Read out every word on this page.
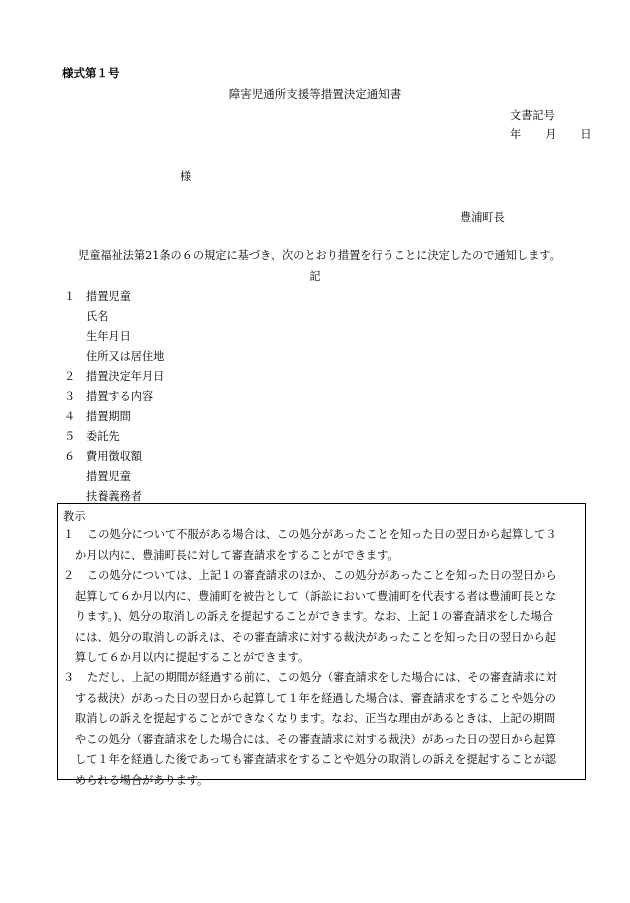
様式第１号
障害児通所支援等措置決定通知書
文書記号
年 月 日
様
豊浦町長
児童福祉法第21条の６の規定に基づき、次のとおり措置を行うことに決定したので通知します。
記
１ 措置児童
氏名
生年月日
住所又は居住地
２ 措置決定年月日
３ 措置する内容
４ 措置期間
５ 委託先
６ 費用徴収額
措置児童
扶養義務者
教示
１ この処分について不服がある場合は、この処分があったことを知った日の翌日から起算して３
か月以内に、豊浦町長に対して審査請求をすることができます。
２ この処分については、上記１の審査請求のほか、この処分があったことを知った日の翌日から
起算して６か月以内に、豊浦町を被告として（訴訟において豊浦町を代表する者は豊浦町長とな
ります。)、処分の取消しの訴えを提起することができます。なお、上記１の審査請求をした場合
には、処分の取消しの訴えは、その審査請求に対する裁決があったことを知った日の翌日から起
算して６か月以内に提起することができます。
３ ただし、上記の期間が経過する前に、この処分（審査請求をした場合には、その審査請求に対
する裁決）があった日の翌日から起算して１年を経過した場合は、審査請求をすることや処分の
取消しの訴えを提起することができなくなります。なお、正当な理由があるときは、上記の期間
やこの処分（審査請求をした場合には、その審査請求に対する裁決）があった日の翌日から起算
して１年を経過した後であっても審査請求をすることや処分の取消しの訴えを提起することが認
められる場合があります。
